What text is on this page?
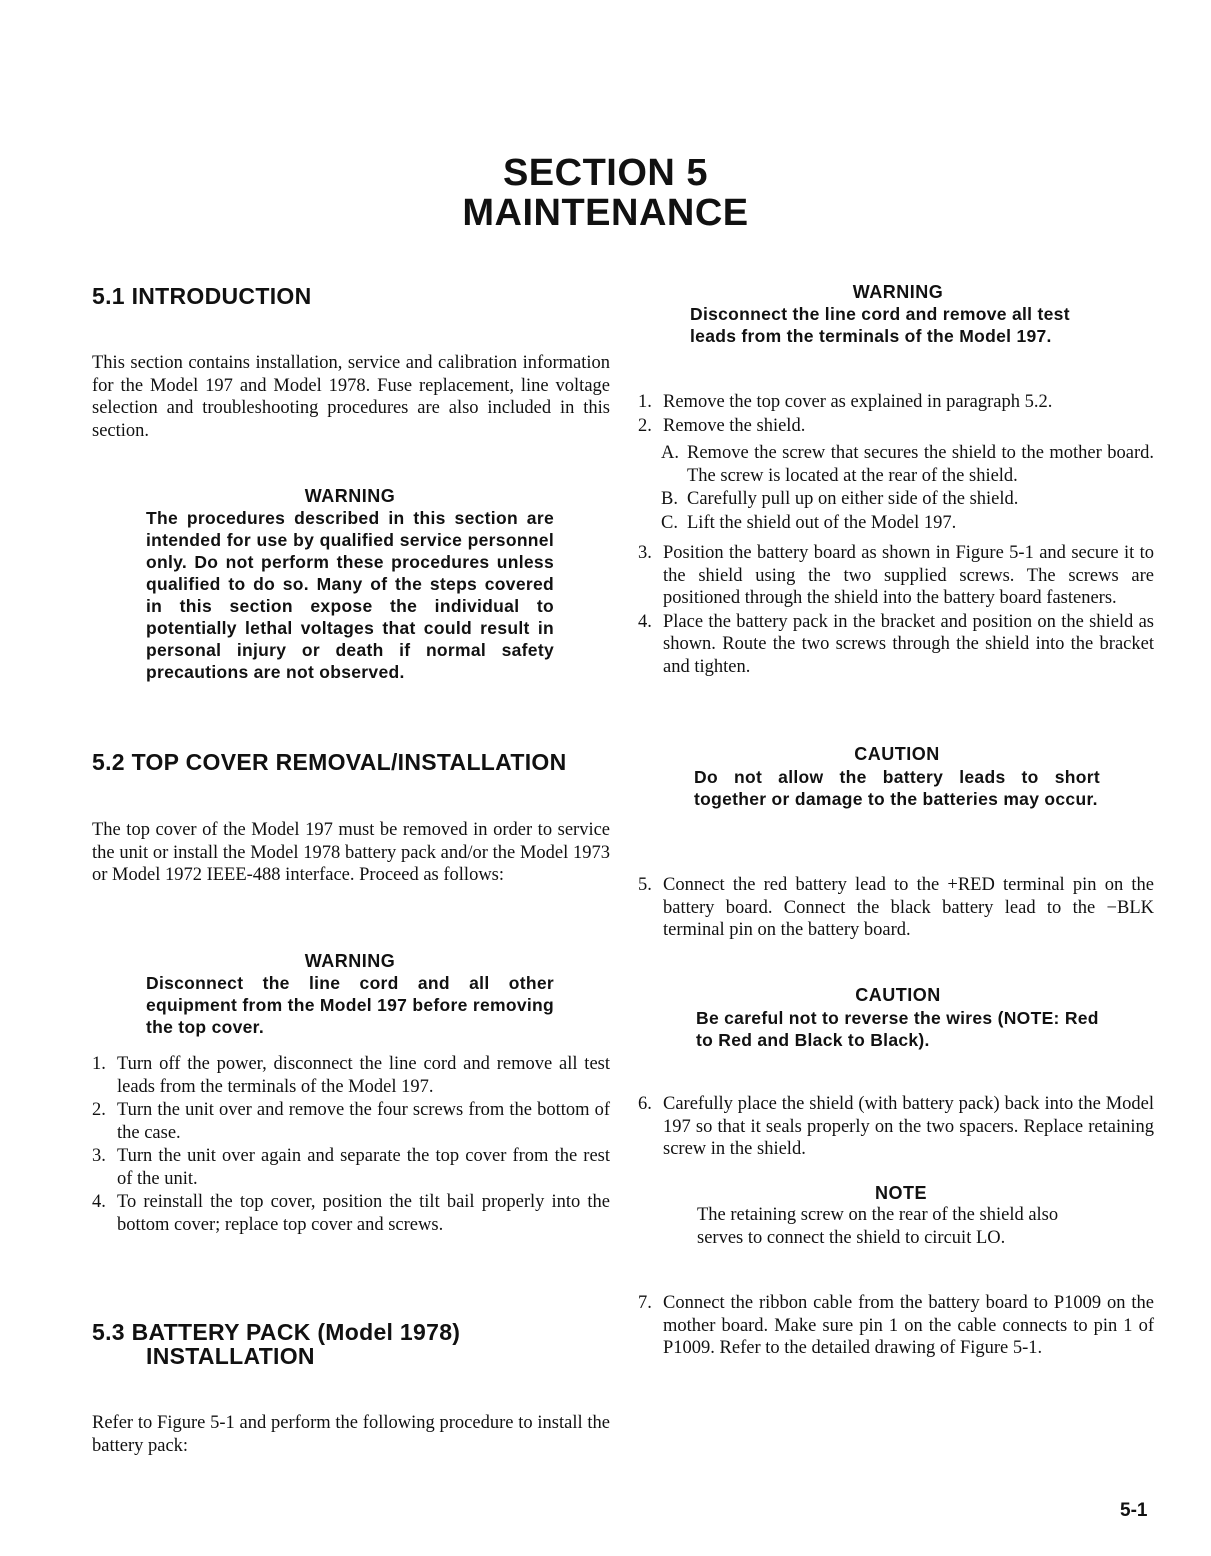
SECTION 5
MAINTENANCE
5.1 INTRODUCTION

This section contains installation, service and calibration information for the Model 197 and Model 1978. Fuse replacement, line voltage selection and troubleshooting procedures are also included in this section.

WARNING

The procedures described in this section are intended for use by qualified service personnel only. Do not perform these procedures unless qualified to do so. Many of the steps covered in this section expose the individual to potentially lethal voltages that could result in personal injury or death if normal safety precautions are not observed.

5.2 TOP COVER REMOVAL/INSTALLATION

The top cover of the Model 197 must be removed in order to service the unit or install the Model 1978 battery pack and/or the Model 1973 or Model 1972 IEEE-488 interface. Proceed as follows:

WARNING

Disconnect the line cord and all other equipment from the Model 197 before removing the top cover.

1. Turn off the power, disconnect the line cord and remove all test leads from the terminals of the Model 197.
2. Turn the unit over and remove the four screws from the bottom of the case.
3. Turn the unit over again and separate the top cover from the rest of the unit.
4. To reinstall the top cover, position the tilt bail properly into the bottom cover; replace top cover and screws.
5.3 BATTERY PACK (Model 1978)
INSTALLATION

Refer to Figure 5-1 and perform the following procedure to install the battery pack:

WARNING

Disconnect the line cord and remove all test leads from the terminals of the Model 197.

1. Remove the top cover as explained in paragraph 5.2.
2. Remove the shield.
A. Remove the screw that secures the shield to the mother board. The screw is located at the rear of the shield.
B. Carefully pull up on either side of the shield.
C. Lift the shield out of the Model 197.
3. Position the battery board as shown in Figure 5-1 and secure it to the shield using the two supplied screws. The screws are positioned through the shield into the battery board fasteners.
4. Place the battery pack in the bracket and position on the shield as shown. Route the two screws through the shield into the bracket and tighten.
CAUTION

Do not allow the battery leads to short together or damage to the batteries may occur.

5. Connect the red battery lead to the +RED terminal pin on the battery board. Connect the black battery lead to the −BLK terminal pin on the battery board.
CAUTION

Be careful not to reverse the wires (NOTE: Red to Red and Black to Black).

6. Carefully place the shield (with battery pack) back into the Model 197 so that it seals properly on the two spacers. Replace retaining screw in the shield.
NOTE

The retaining screw on the rear of the shield also serves to connect the shield to circuit LO.

7. Connect the ribbon cable from the battery board to P1009 on the mother board. Make sure pin 1 on the cable connects to pin 1 of P1009. Refer to the detailed drawing of Figure 5-1.
5-1
